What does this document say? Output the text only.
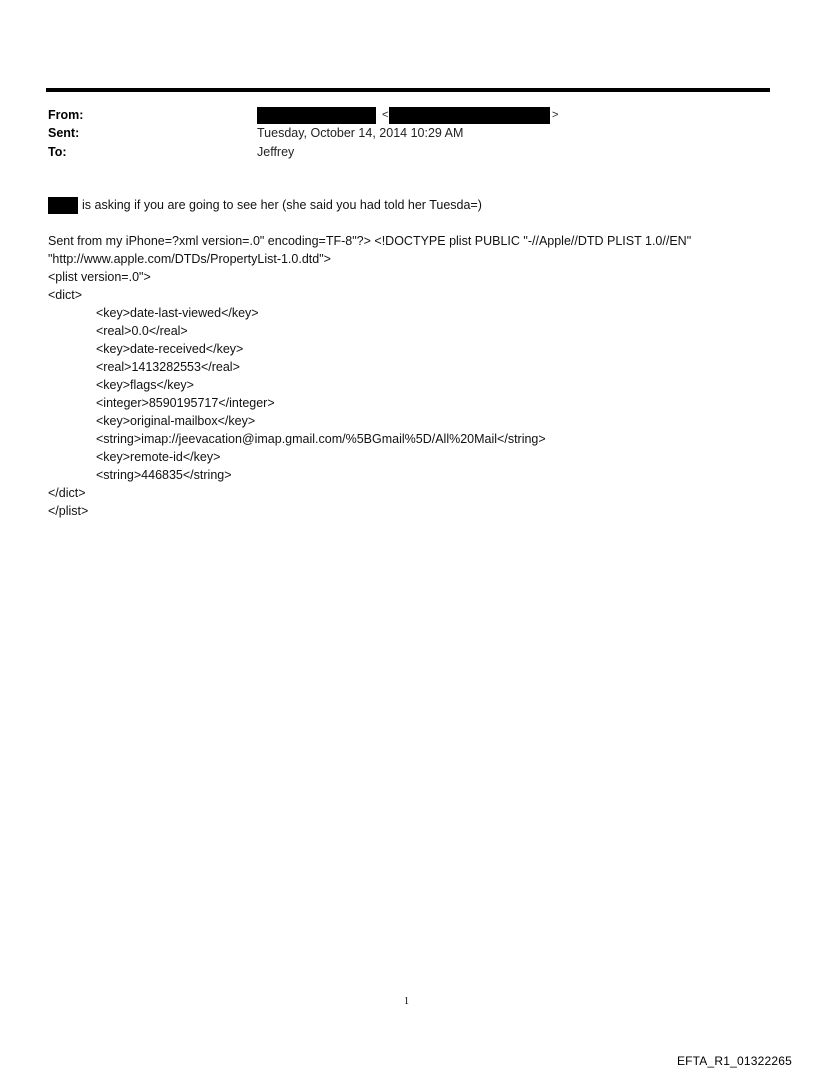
From:	<	>
Sent:	Tuesday, October 14, 2014 10:29 AM
To:	Jeffrey
is asking if you are going to see her (she said you had told her Tuesda=)
Sent from my iPhone=?xml version=.0" encoding=TF-8"?> <!DOCTYPE plist PUBLIC "-//Apple//DTD PLIST 1.0//EN"
"http://www.apple.com/DTDs/PropertyList-1.0.dtd">
<plist version=.0">
<dict>
<key>date-last-viewed</key>
<real>0.0</real>
<key>date-received</key>
<real>1413282553</real>
<key>flags</key>
<integer>8590195717</integer>
<key>original-mailbox</key>
<string>imap://jeevacation@imap.gmail.com/%5BGmail%5D/All%20Mail</string>
<key>remote-id</key>
<string>446835</string>
</dict>
</plist>
1
EFTA_R1_01322265
